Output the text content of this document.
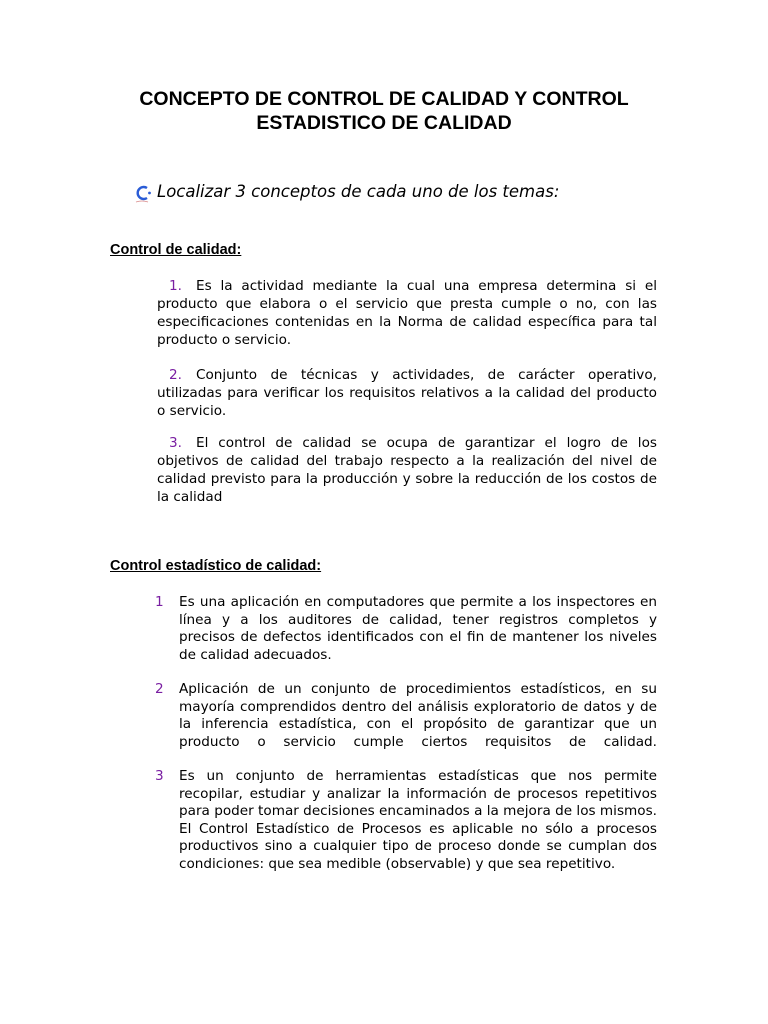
CONCEPTO DE CONTROL DE CALIDAD Y CONTROL
ESTADISTICO DE CALIDAD
Localizar 3 conceptos de cada uno de los temas:
Control de calidad:
1. Es la actividad mediante la cual una empresa determina si el producto que elabora o el servicio que presta cumple o no, con las especificaciones contenidas en la Norma de calidad específica para tal producto o servicio.
2. Conjunto de técnicas y actividades, de carácter operativo, utilizadas para verificar los requisitos relativos a la calidad del producto o servicio.
3. El control de calidad se ocupa de garantizar el logro de los objetivos de calidad del trabajo respecto a la realización del nivel de calidad previsto para la producción y sobre la reducción de los costos de la calidad
Control estadístico de calidad:
1	Es una aplicación en computadores que permite a los inspectores en línea y a los auditores de calidad, tener registros completos y precisos de defectos identificados con el fin de mantener los niveles de calidad adecuados.
2	Aplicación de un conjunto de procedimientos estadísticos, en su mayoría comprendidos dentro del análisis exploratorio de datos y de la inferencia estadística, con el propósito de garantizar que un producto o servicio cumple ciertos requisitos de calidad.
3	Es un conjunto de herramientas estadísticas que nos permite recopilar, estudiar y analizar la información de procesos repetitivos para poder tomar decisiones encaminados a la mejora de los mismos. El Control Estadístico de Procesos es aplicable no sólo a procesos productivos sino a cualquier tipo de proceso donde se cumplan dos condiciones: que sea medible (observable) y que sea repetitivo.
